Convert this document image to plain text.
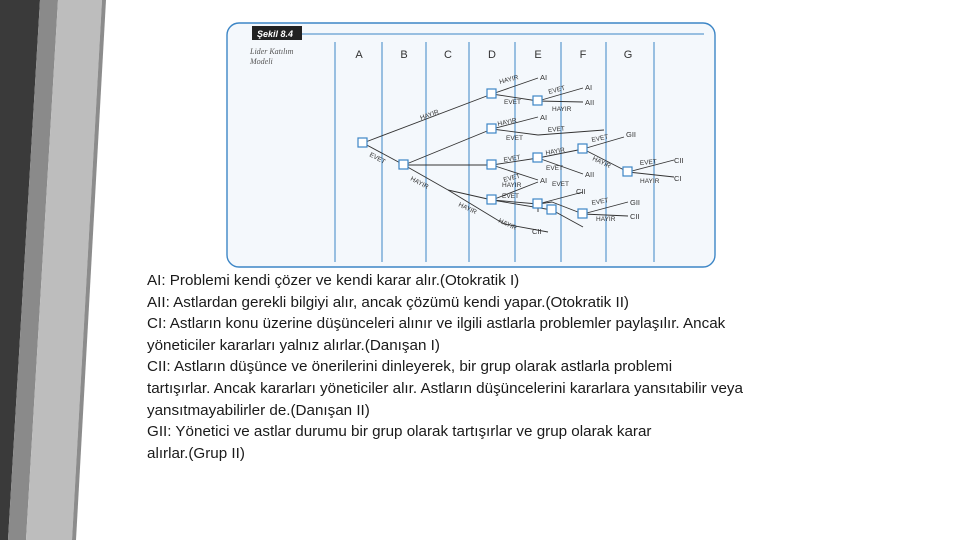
Şekil 8.4
Lider Katılım
Modeli
A	B	C	D	E	F	G
HAYIR
EVET
HAYIR
EVET
EVET
HAYIR
HAYIR
EVET
EVET
EVET
HAYIR
EVET
EVET
HAYIR	EVET
HAYIR
HAYIR	EVET
EVET
EVET
HAYIR
HAYIR
EVET
HAYIR
HAYIR
AI
AI
AII
AI
GII
CII
CI
AII
AI
CII
GII
CII
CII

AI: Problemi kendi çözer ve kendi karar alır.(Otokratik I)

AII: Astlardan gerekli bilgiyi alır, ancak çözümü kendi yapar.(Otokratik II)

CI: Astların konu üzerine düşünceleri alınır ve ilgili astlarla problemler paylaşılır. Ancak

yöneticiler kararları yalnız alırlar.(Danışan I)

CII: Astların düşünce ve önerilerini dinleyerek, bir grup olarak astlarla problemi

tartışırlar. Ancak kararları yöneticiler alır. Astların düşüncelerini kararlara yansıtabilir veya

yansıtmayabilirler de.(Danışan II)

GII: Yönetici ve astlar durumu bir grup olarak tartışırlar ve grup olarak karar

alırlar.(Grup II)
